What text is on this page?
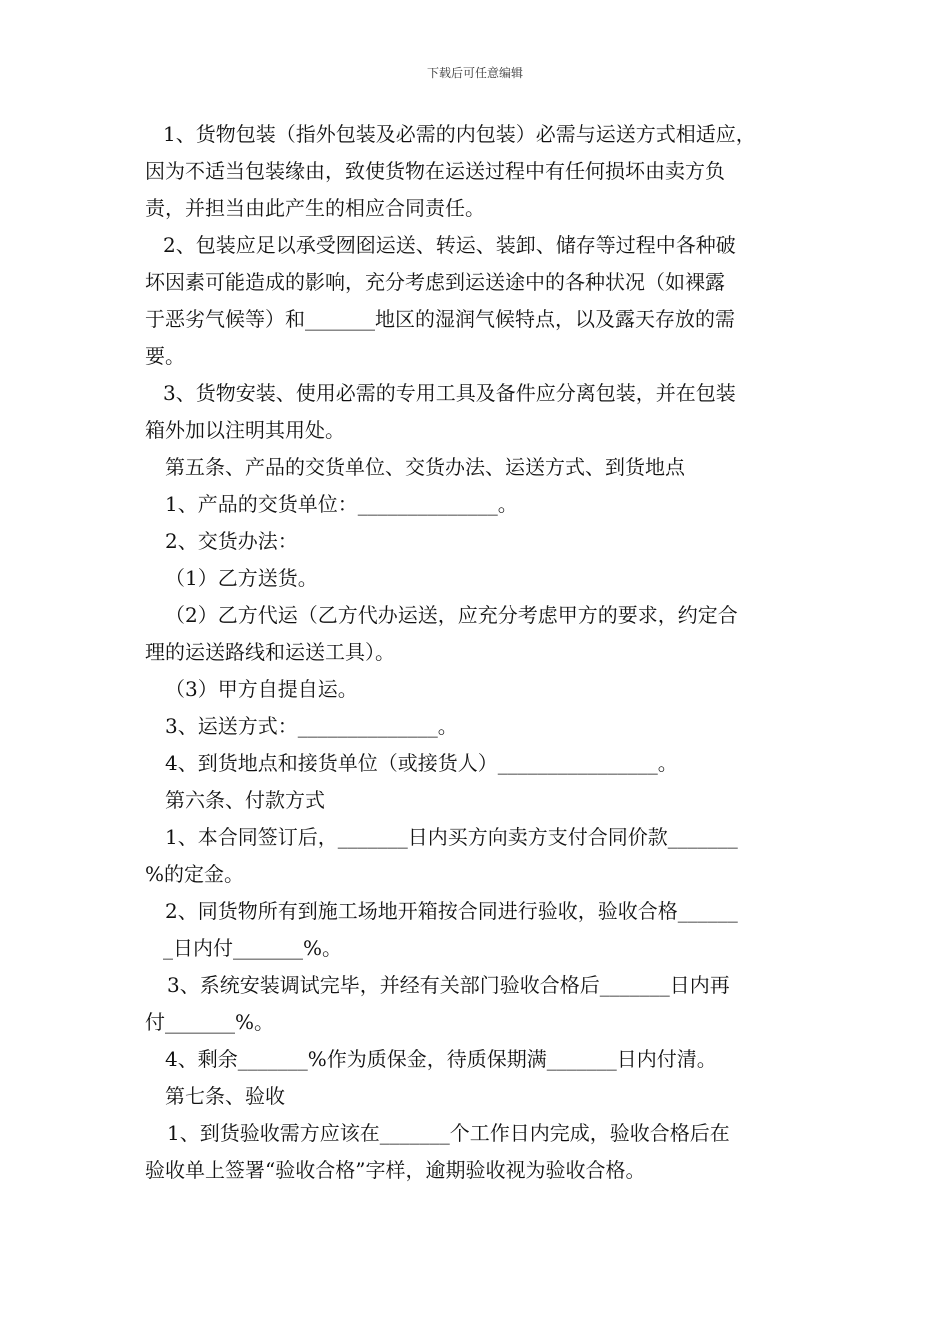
下载后可任意编辑
1、货物包装（指外包装及必需的内包装）必需与运送方式相适应，
因为不适当包装缘由，致使货物在运送过程中有任何损坏由卖方负
责，并担当由此产生的相应合同责任。
2、包装应足以承受囫囵运送、转运、装卸、储存等过程中各种破
坏因素可能造成的影响，充分考虑到运送途中的各种状况（如裸露
于恶劣气候等）和_______地区的湿润气候特点，以及露天存放的需
要。
3、货物安装、使用必需的专用工具及备件应分离包装，并在包装
箱外加以注明其用处。
第五条、产品的交货单位、交货办法、运送方式、到货地点
1、产品的交货单位：______________。
2、交货办法：
（1）乙方送货。
（2）乙方代运（乙方代办运送，应充分考虑甲方的要求，约定合
理的运送路线和运送工具）。
（3）甲方自提自运。
3、运送方式：______________。
4、到货地点和接货单位（或接货人）________________。
第六条、付款方式
1、本合同签订后，_______日内买方向卖方支付合同价款_______
%的定金。
2、同货物所有到施工场地开箱按合同进行验收，验收合格______
_日内付_______%。
3、系统安装调试完毕，并经有关部门验收合格后_______日内再
付_______%。
4、剩余_______%作为质保金，待质保期满_______日内付清。
第七条、验收
1、到货验收需方应该在_______个工作日内完成，验收合格后在
验收单上签署“验收合格”字样，逾期验收视为验收合格。
